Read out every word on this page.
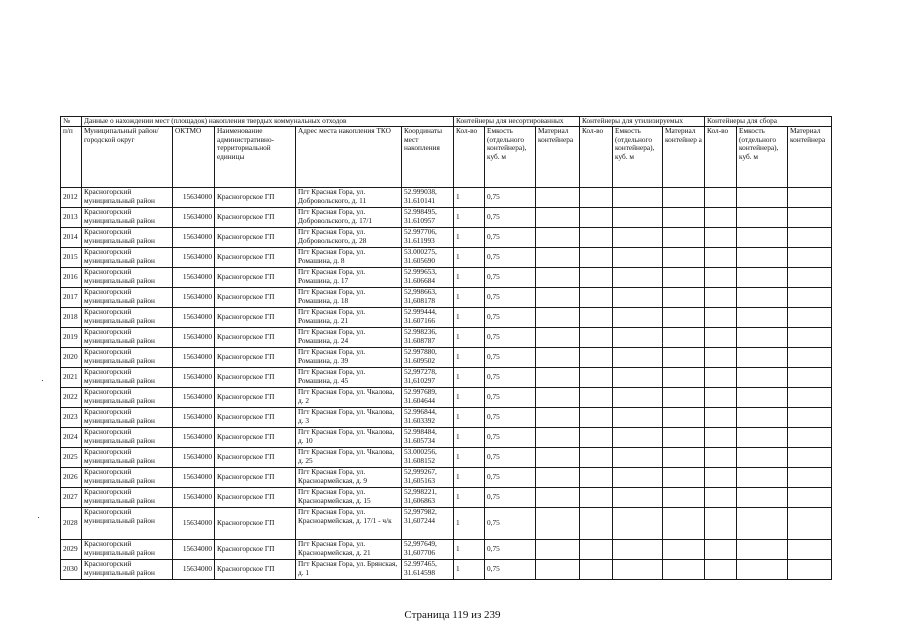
№	Данные о нахождении мест (площадок) накопления твердых коммунальных отходов					Контейнеры для несортированных			Контейнеры для утилизируемых			Контейнеры для сбора		
п/п	Муниципальный район/городской округ	ОКТМО	Наименование административно-территориальной единицы	Адрес места накопления ТКО	Координаты мест накопления	Кол-во	Емкость (отдельного контейнера), куб. м	Материал контейнера	Кол-во	Емкость (отдельного контейнера), куб. м	Материал контейнер а	Кол-во	Емкость (отдельного контейнера), куб. м	Материал контейнера
2012	Красногорский муниципальный район	15634000	Красногорское ГП	Пгт Красная Гора, ул. Добровольского, д. 11	52.999038, 31.610141	1	0,75							
2013	Красногорский муниципальный район	15634000	Красногорское ГП	Пгт Красная Гора, ул. Добровольского, д. 17/1	52.998495, 31.610957	1	0,75							
2014	Красногорский муниципальный район	15634000	Красногорское ГП	Пгт Красная Гора, ул. Добровольского, д. 28	52.997706, 31.611993	1	0,75							
2015	Красногорский муниципальный район	15634000	Красногорское ГП	Пгт Красная Гора, ул. Ромашина, д. 8	53.000275, 31.605690	1	0,75							
2016	Красногорский муниципальный район	15634000	Красногорское ГП	Пгт Красная Гора, ул. Ромашина, д. 17	52.999653, 31.606684	1	0,75							
2017	Красногорский муниципальный район	15634000	Красногорское ГП	Пгт Красная Гора, ул. Ромашина, д. 18	52,998663, 31,608178	1	0,75							
2018	Красногорский муниципальный район	15634000	Красногорское ГП	Пгт Красная Гора, ул. Ромашина, д. 21	52.999444, 31.607166	1	0,75							
2019	Красногорский муниципальный район	15634000	Красногорское ГП	Пгт Красная Гора, ул. Ромашина, д. 24	52.998236, 31.608787	1	0,75							
2020	Красногорский муниципальный район	15634000	Красногорское ГП	Пгт Красная Гора, ул. Ромашина, д. 39	52.997880, 31.609502	1	0,75							
2021	Красногорский муниципальный район	15634000	Красногорское ГП	Пгт Красная Гора, ул. Ромашина, д. 45	52,997278, 31,610297	1	0,75							
2022	Красногорский муниципальный район	15634000	Красногорское ГП	Пгт Красная Гора, ул. Чкалова, д. 2	52.997689, 31.604644	1	0,75							
2023	Красногорский муниципальный район	15634000	Красногорское ГП	Пгт Красная Гора, ул. Чкалова, д. 3	52.996844, 31.603392	1	0,75							
2024	Красногорский муниципальный район	15634000	Красногорское ГП	Пгт Красная Гора, ул. Чкалова, д. 10	52.998484, 31.605734	1	0,75							
2025	Красногорский муниципальный район	15634000	Красногорское ГП	Пгт Красная Гора, ул. Чкалова, д. 25	53.000256, 31.608152	1	0,75							
2026	Красногорский муниципальный район	15634000	Красногорское ГП	Пгт Красная Гора, ул. Красноармейская, д. 9	52,999267, 31,605163	1	0,75							
2027	Красногорский муниципальный район	15634000	Красногорское ГП	Пгт Красная Гора, ул. Красноармейская, д. 15	52,998221, 31,606863	1	0,75							
2028	Красногорский муниципальный район	15634000	Красногорское ГП	Пгт Красная Гора, ул. Красноармейская, д. 17/1 - ч/к	52,997982, 31,607244	1	0,75							
2029	Красногорский муниципальный район	15634000	Красногорское ГП	Пгт Красная Гора, ул. Красноармейская, д. 21	52,997649, 31,607706	1	0,75							
2030	Красногорский муниципальный район	15634000	Красногорское ГП	Пгт Красная Гора, ул. Брянская, д. 1	52.997465, 31.614598	1	0,75							
Страница 119 из 239
